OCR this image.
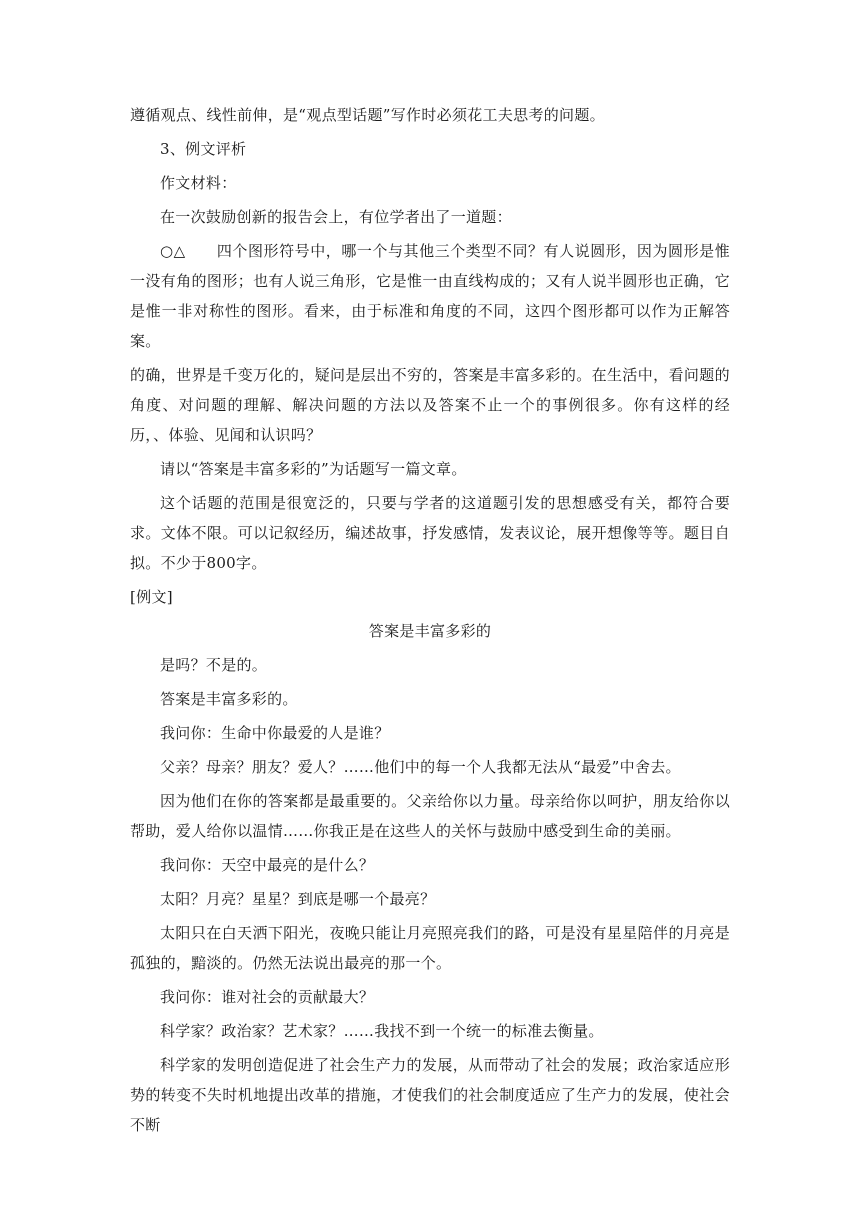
遵循观点、线性前伸，是“观点型话题”写作时必须花工夫思考的问题。

3、例文评析

作文材料：

在一次鼓励创新的报告会上，有位学者出了一道题：

○△　　四个图形符号中，哪一个与其他三个类型不同？有人说圆形，因为圆形是惟一没有角的图形；也有人说三角形，它是惟一由直线构成的；又有人说半圆形也正确，它是惟一非对称性的图形。看来，由于标准和角度的不同，这四个图形都可以作为正解答案。

的确，世界是千变万化的，疑问是层出不穷的，答案是丰富多彩的。在生活中，看问题的角度、对问题的理解、解决问题的方法以及答案不止一个的事例很多。你有这样的经历，、体验、见闻和认识吗？

请以“答案是丰富多彩的”为话题写一篇文章。

这个话题的范围是很宽泛的，只要与学者的这道题引发的思想感受有关，都符合要求。文体不限。可以记叙经历，编述故事，抒发感情，发表议论，展开想像等等。题目自拟。不少于800字。

[例文]

答案是丰富多彩的

是吗？不是的。

答案是丰富多彩的。

我问你：生命中你最爱的人是谁？

父亲？母亲？朋友？爱人？……他们中的每一个人我都无法从“最爱”中舍去。

因为他们在你的答案都是最重要的。父亲给你以力量。母亲给你以呵护，朋友给你以帮助，爱人给你以温情……你我正是在这些人的关怀与鼓励中感受到生命的美丽。

我问你：天空中最亮的是什么？

太阳？月亮？星星？到底是哪一个最亮？

太阳只在白天洒下阳光，夜晚只能让月亮照亮我们的路，可是没有星星陪伴的月亮是孤独的，黯淡的。仍然无法说出最亮的那一个。

我问你：谁对社会的贡献最大？

科学家？政治家？艺术家？……我找不到一个统一的标准去衡量。

科学家的发明创造促进了社会生产力的发展，从而带动了社会的发展；政治家适应形势的转变不失时机地提出改革的措施，才使我们的社会制度适应了生产力的发展，使社会不断
